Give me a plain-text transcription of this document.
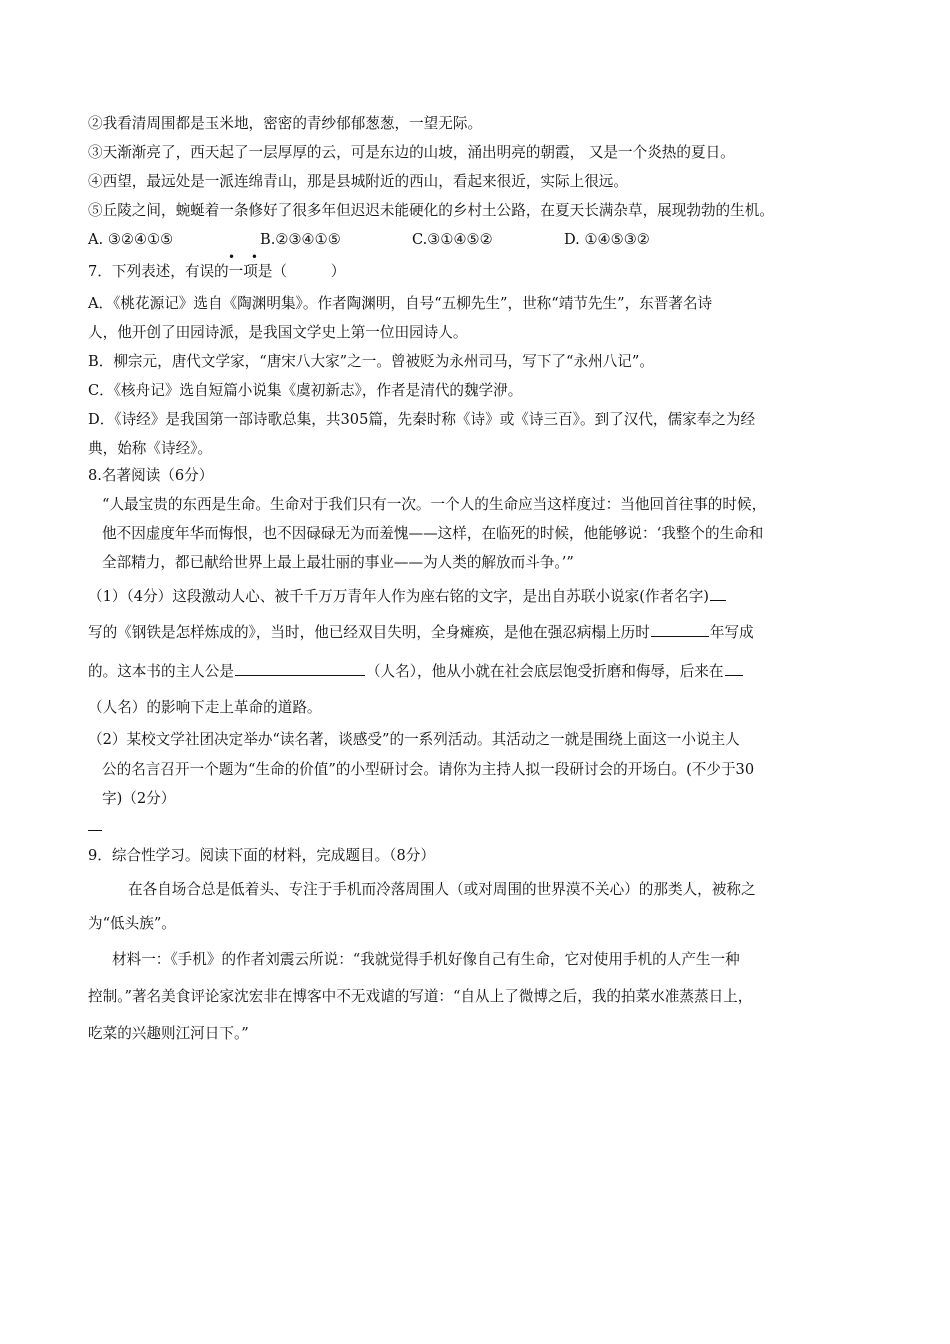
②我看清周围都是玉米地，密密的青纱郁郁葱葱，一望无际。
③天渐渐亮了，西天起了一层厚厚的云，可是东边的山坡，涌出明亮的朝霞， 又是一个炎热的夏日。
④西望，最远处是一派连绵青山，那是县城附近的西山，看起来很近，实际上很远。
⑤丘陵之间，蜿蜒着一条修好了很多年但迟迟未能硬化的乡村土公路，在夏天长满杂草，展现勃勃的生机。
A. ③②④①⑤	B.②③④①⑤	C.③①④⑤②	D. ①④⑤③②
• •
7．下列表述，有误的一项是（　　　）
A．《桃花源记》选自《陶渊明集》。作者陶渊明，自号“五柳先生”，世称“靖节先生”，东晋著名诗
人，他开创了田园诗派，是我国文学史上第一位田园诗人。
B．柳宗元，唐代文学家，“唐宋八大家”之一。曾被贬为永州司马，写下了“永州八记”。
C．《核舟记》选自短篇小说集《虞初新志》，作者是清代的魏学洢。
D．《诗经》是我国第一部诗歌总集，共305篇，先秦时称《诗》或《诗三百》。到了汉代，儒家奉之为经
典，始称《诗经》。
8.名著阅读（6分）
“人最宝贵的东西是生命。生命对于我们只有一次。一个人的生命应当这样度过：当他回首往事的时候，
他不因虚度年华而悔恨，也不因碌碌无为而羞愧——这样，在临死的时候，他能够说：‘我整个的生命和
全部精力，都已献给世界上最上最壮丽的事业——为人类的解放而斗争。’”
（1）（4分）这段激动人心、被千千万万青年人作为座右铭的文字，是出自苏联小说家(作者名字)
写的《钢铁是怎样炼成的》，当时，他已经双目失明，全身瘫痪，是他在强忍病榻上历时	年写成
的。这本书的主人公是	（人名），他从小就在社会底层饱受折磨和侮辱，后来在
（人名）的影响下走上革命的道路。
（2）某校文学社团决定举办“读名著，谈感受”的一系列活动。其活动之一就是围绕上面这一小说主人
公的名言召开一个题为“生命的价值”的小型研讨会。请你为主持人拟一段研讨会的开场白。(不少于30
字)（2分）
9．综合性学习。阅读下面的材料，完成题目。（8分）
在各自场合总是低着头、专注于手机而冷落周围人（或对周围的世界漠不关心）的那类人，被称之
为“低头族”。
材料一：《手机》的作者刘震云所说：“我就觉得手机好像自己有生命，它对使用手机的人产生一种
控制。”著名美食评论家沈宏非在博客中不无戏谑的写道：“自从上了微博之后，我的拍菜水准蒸蒸日上，
吃菜的兴趣则江河日下。”
